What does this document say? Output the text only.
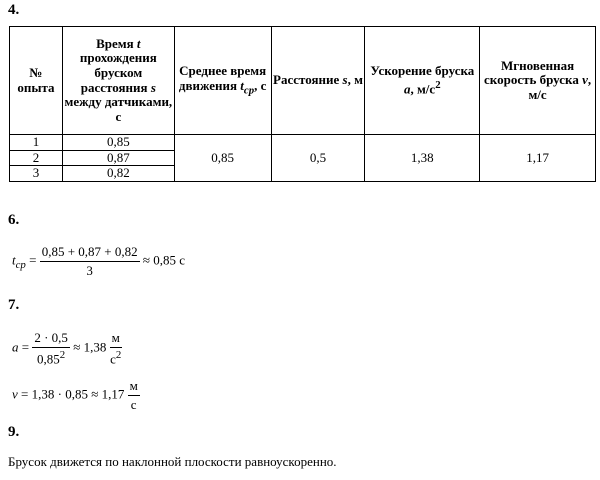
4.
№
опыта	Время t прохождения бруском расстояния s между датчиками, с	Среднее время движения $t_{ср}$, с	Расстояние s, м	Ускорение бруска a, $м/с^2$	Мгновенная скорость бруска v, м/с
1	0,85	0,85	0,5	1,38	1,17
2	0,87				
3	0,82				
6.
$t_{ср} = \frac{0,85 + 0,87 + 0,82}{3} \approx 0,85$ с
7.
$a = \frac{2 \cdot 0,5}{0,85^2} \approx 1,38 \frac{м}{с^2}$
$v = 1,38 \cdot 0,85 \approx 1,17 \frac{м}{с}$
9.
Брусок движется по наклонной плоскости равноускоренно.
